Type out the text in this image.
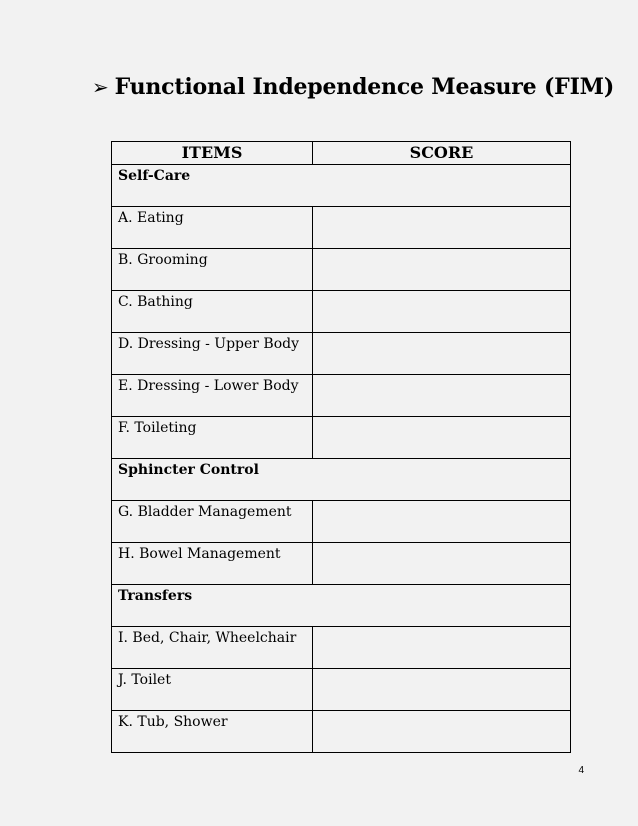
➢ Functional Independence Measure (FIM)
ITEMS	SCORE
Self-Care	
A. Eating	
B. Grooming	
C. Bathing	
D. Dressing - Upper Body	
E. Dressing - Lower Body	
F. Toileting	
Sphincter Control	
G. Bladder Management	
H. Bowel Management	
Transfers	
I. Bed, Chair, Wheelchair	
J. Toilet	
K. Tub, Shower	
4
